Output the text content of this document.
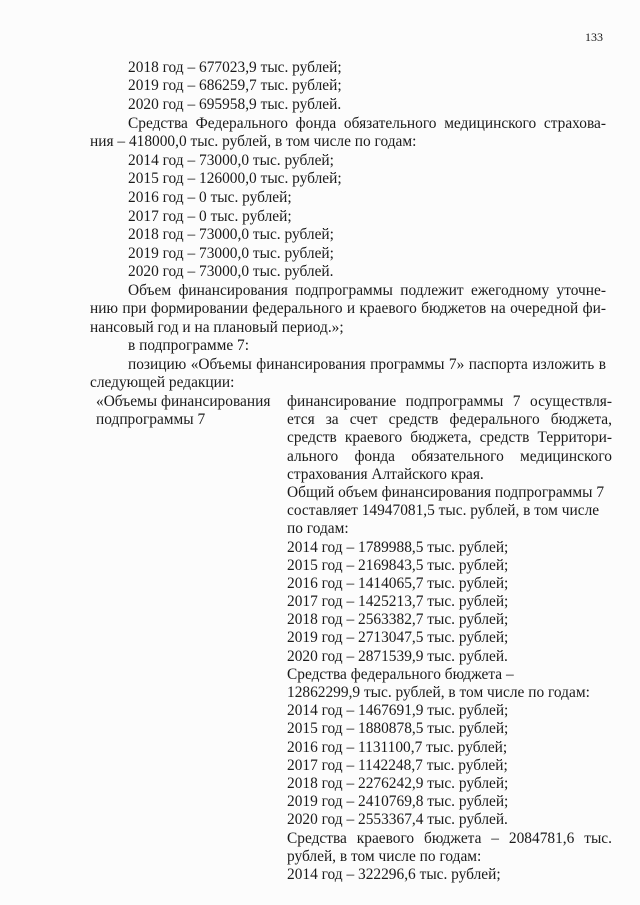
133
2018 год – 677023,9 тыс. рублей;
2019 год – 686259,7 тыс. рублей;
2020 год – 695958,9 тыс. рублей.
Средства Федерального фонда обязательного медицинского страхова-
ния – 418000,0 тыс. рублей, в том числе по годам:
2014 год – 73000,0 тыс. рублей;
2015 год – 126000,0 тыс. рублей;
2016 год – 0 тыс. рублей;
2017 год – 0 тыс. рублей;
2018 год – 73000,0 тыс. рублей;
2019 год – 73000,0 тыс. рублей;
2020 год – 73000,0 тыс. рублей.
Объем финансирования подпрограммы подлежит ежегодному уточне-
нию при формировании федерального и краевого бюджетов на очередной фи-
нансовый год и на плановый период.»;
в подпрограмме 7:
позицию «Объемы финансирования программы 7» паспорта изложить в
следующей редакции:
«Объемы финансирования
подпрограммы 7
финансирование подпрограммы 7 осуществля-
ется за счет средств федерального бюджета,
средств краевого бюджета, средств Территори-
ального фонда обязательного медицинского
страхования Алтайского края.
Общий объем финансирования подпрограммы 7
составляет 14947081,5 тыс. рублей, в том числе
по годам:
2014 год – 1789988,5 тыс. рублей;
2015 год – 2169843,5 тыс. рублей;
2016 год – 1414065,7 тыс. рублей;
2017 год – 1425213,7 тыс. рублей;
2018 год – 2563382,7 тыс. рублей;
2019 год – 2713047,5 тыс. рублей;
2020 год – 2871539,9 тыс. рублей.
Средства федерального бюджета –
12862299,9 тыс. рублей, в том числе по годам:
2014 год – 1467691,9 тыс. рублей;
2015 год – 1880878,5 тыс. рублей;
2016 год – 1131100,7 тыс. рублей;
2017 год – 1142248,7 тыс. рублей;
2018 год – 2276242,9 тыс. рублей;
2019 год – 2410769,8 тыс. рублей;
2020 год – 2553367,4 тыс. рублей.
Средства краевого бюджета – 2084781,6 тыс.
рублей, в том числе по годам:
2014 год – 322296,6 тыс. рублей;
